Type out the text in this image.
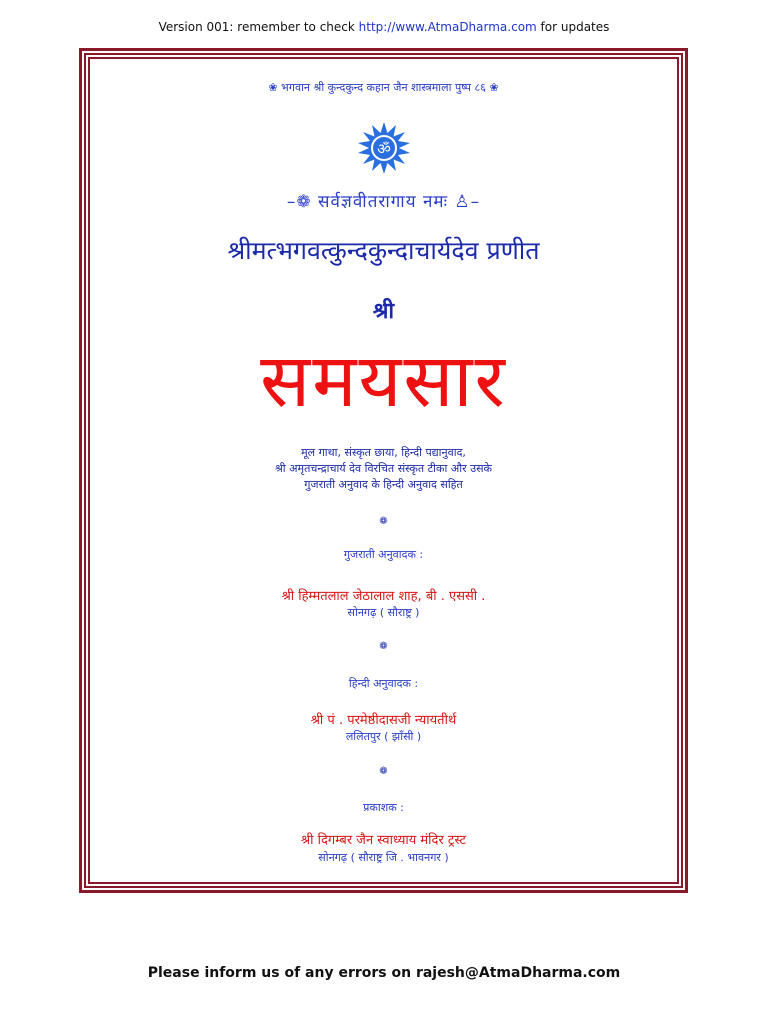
Version 001: remember to check http://www.AtmaDharma.com for updates
❀ भगवान श्री कुन्दकुन्द कहान जैन शास्त्रमाला पुष्प ८६ ❀
ॐ
–❁ सर्वज्ञवीतरागाय नमः ♙–
श्रीमत्भगवत्कुन्दकुन्दाचार्यदेव प्रणीत
श्री
समयसार
मूल गाथा, संस्कृत छाया, हिन्दी पद्यानुवाद,
श्री अमृतचन्द्राचार्य देव विरचित संस्कृत टीका और उसके
गुजराती अनुवाद के हिन्दी अनुवाद सहित
❁
गुजराती अनुवादक :
श्री हिम्मतलाल जेठालाल शाह, बी . एससी .
सोनगढ़ ( सौराष्ट्र )
❁
हिन्दी अनुवादक :
श्री पं . परमेष्ठीदासजी न्यायतीर्थ
ललितपुर ( झाँसी )
❁
प्रकाशक :
श्री दिगम्बर जैन स्वाध्याय मंदिर ट्रस्ट
सोनगढ़ ( सौराष्ट्र जि . भावनगर )
Please inform us of any errors on rajesh@AtmaDharma.com
